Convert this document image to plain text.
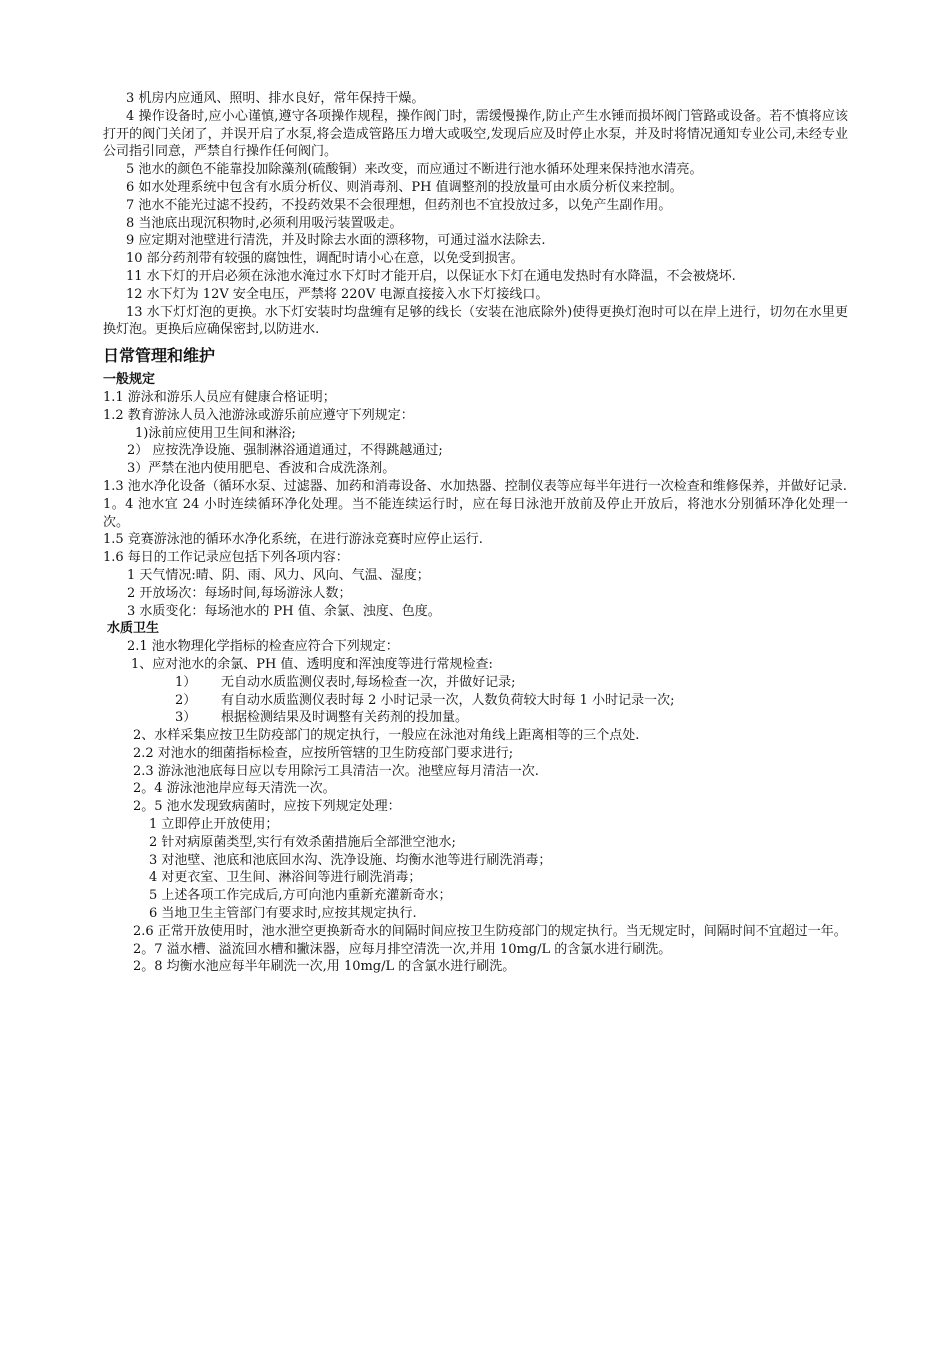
3 机房内应通风、照明、排水良好，常年保持干燥。

4 操作设备时,应小心谨慎,遵守各项操作规程，操作阀门时，需缓慢操作,防止产生水锤而损坏阀门管路或设备。若不慎将应该打开的阀门关闭了，并误开启了水泵,将会造成管路压力增大或吸空,发现后应及时停止水泵，并及时将情况通知专业公司,未经专业公司指引同意，严禁自行操作任何阀门。

5 池水的颜色不能靠投加除藻剂(硫酸铜）来改变，而应通过不断进行池水循环处理来保持池水清亮。

6 如水处理系统中包含有水质分析仪、则消毒剂、PH 值调整剂的投放量可由水质分析仪来控制。

7 池水不能光过滤不投药，不投药效果不会很理想，但药剂也不宜投放过多，以免产生副作用。

8 当池底出现沉积物时,必须利用吸污装置吸走。

9 应定期对池壁进行清洗，并及时除去水面的漂移物，可通过溢水法除去.

10 部分药剂带有较强的腐蚀性，调配时请小心在意，以免受到损害。

11 水下灯的开启必须在泳池水淹过水下灯时才能开启，以保证水下灯在通电发热时有水降温，不会被烧坏.

12 水下灯为 12V 安全电压，严禁将 220V 电源直接接入水下灯接线口。

13 水下灯灯泡的更换。水下灯安装时均盘缠有足够的线长（安装在池底除外)使得更换灯泡时可以在岸上进行，切勿在水里更换灯泡。更换后应确保密封,以防进水.

日常管理和维护
一般规定

1.1 游泳和游乐人员应有健康合格证明；

1.2 教育游泳人员入池游泳或游乐前应遵守下列规定：

1)泳前应使用卫生间和淋浴;

2） 应按洗净设施、强制淋浴通道通过，不得跳越通过;

3）严禁在池内使用肥皂、香波和合成洗涤剂。

1.3 池水净化设备（循环水泵、过滤器、加药和消毒设备、水加热器、控制仪表等应每半年进行一次检查和维修保养，并做好记录.

1。4 池水宜 24 小时连续循环净化处理。当不能连续运行时，应在每日泳池开放前及停止开放后，将池水分别循环净化处理一次。

1.5 竞赛游泳池的循环水净化系统，在进行游泳竞赛时应停止运行.

1.6 每日的工作记录应包括下列各项内容：

1 天气情况:晴、阴、雨、风力、风向、气温、湿度；

2 开放场次：每场时间,每场游泳人数；

3 水质变化：每场池水的 PH 值、余氯、浊度、色度。

水质卫生

2.1 池水物理化学指标的检查应符合下列规定：

1、应对池水的余氯、PH 值、透明度和浑浊度等进行常规检查:

1） 无自动水质监测仪表时,每场检查一次，并做好记录;

2） 有自动水质监测仪表时每 2 小时记录一次，人数负荷较大时每 1 小时记录一次;

3） 根据检测结果及时调整有关药剂的投加量。

2、水样采集应按卫生防疫部门的规定执行，一般应在泳池对角线上距离相等的三个点处.

2.2 对池水的细菌指标检查，应按所管辖的卫生防疫部门要求进行;

2.3 游泳池池底每日应以专用除污工具清洁一次。池壁应每月清洁一次.

2。4 游泳池池岸应每天清洗一次。

2。5 池水发现致病菌时，应按下列规定处理：

1 立即停止开放使用；

2 针对病原菌类型,实行有效杀菌措施后全部泄空池水;

3 对池壁、池底和池底回水沟、洗净设施、均衡水池等进行刷洗消毒；

4 对更衣室、卫生间、淋浴间等进行刷洗消毒；

5 上述各项工作完成后,方可向池内重新充灌新奇水；

6 当地卫生主管部门有要求时,应按其规定执行.

2.6 正常开放使用时，池水泄空更换新奇水的间隔时间应按卫生防疫部门的规定执行。当无规定时，间隔时间不宜超过一年。

2。7 溢水槽、溢流回水槽和撇沫器，应每月排空清洗一次,并用 10mg/L 的含氯水进行刷洗。

2。8 均衡水池应每半年刷洗一次,用 10mg/L 的含氯水进行刷洗。
